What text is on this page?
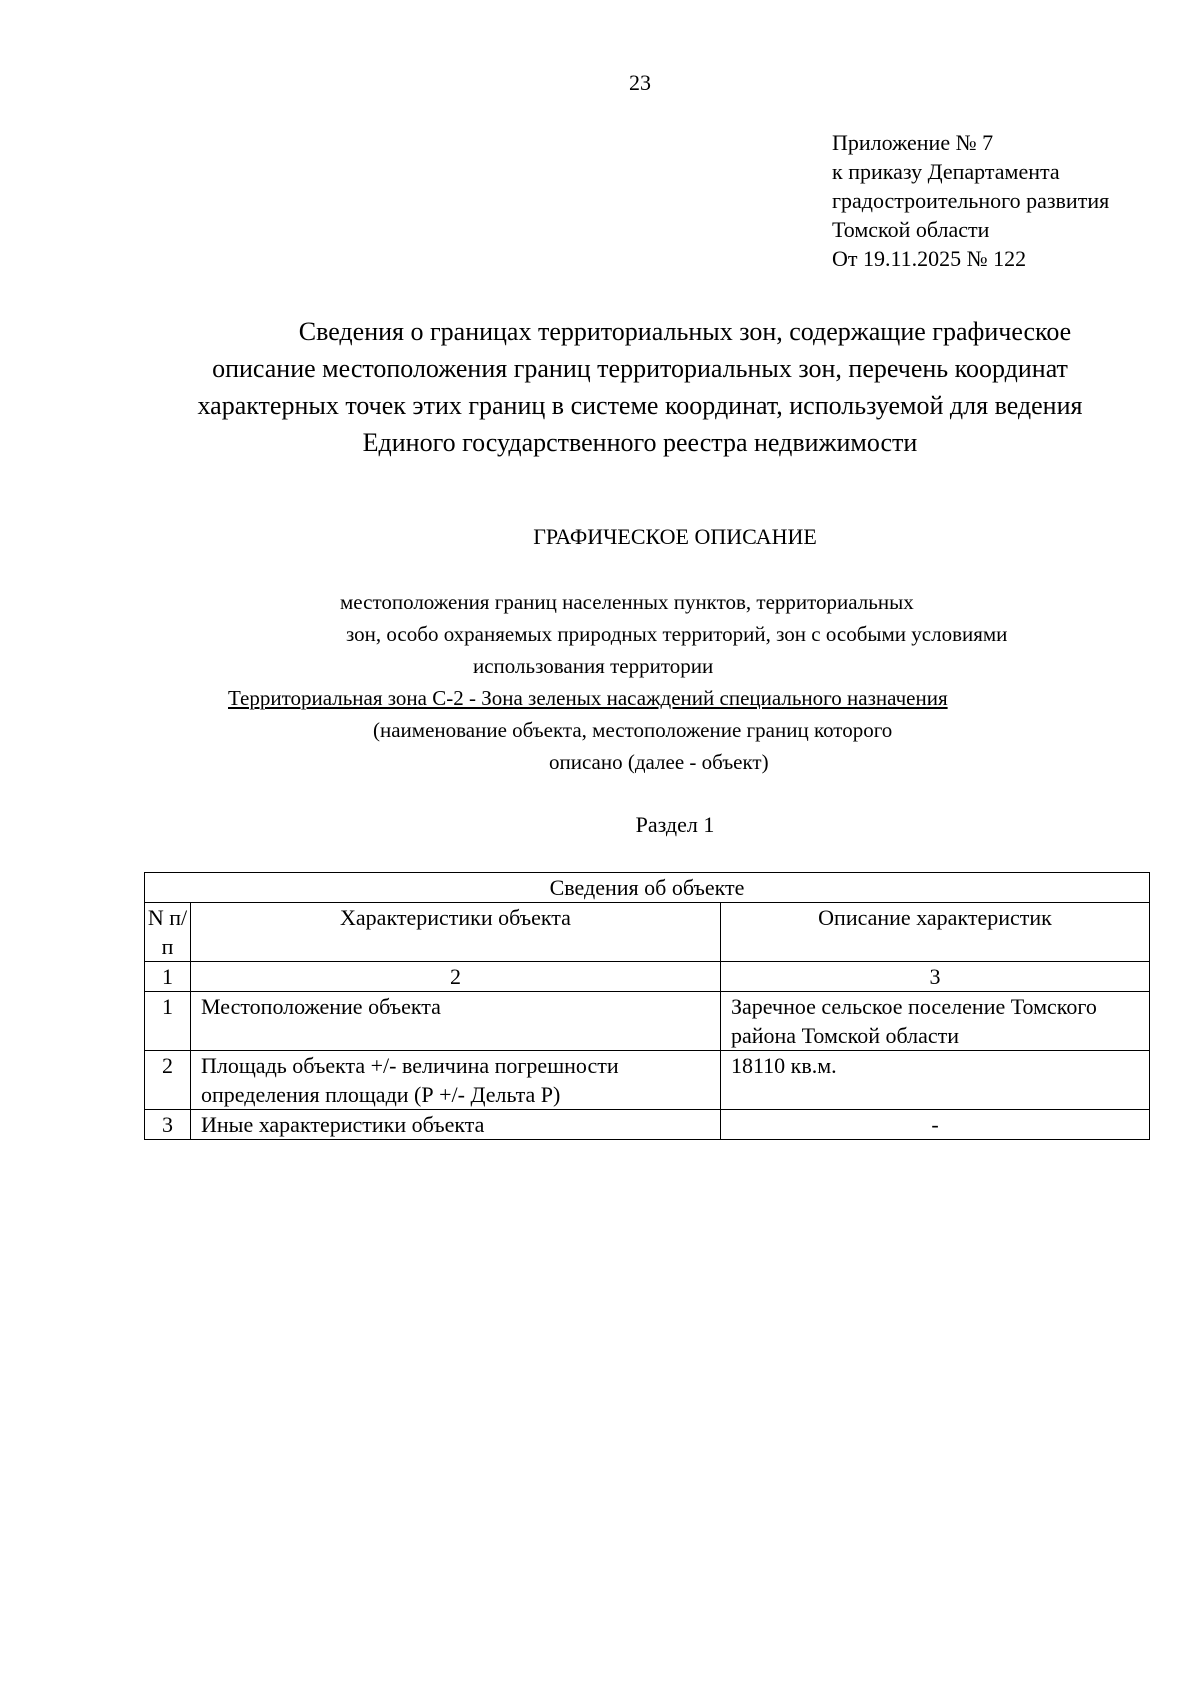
23
Приложение № 7
к приказу Департамента
градостроительного развития
Томской области
От 19.11.2025 № 122
Сведения о границах территориальных зон, содержащие графическое
описание местоположения границ территориальных зон, перечень координат
характерных точек этих границ в системе координат, используемой для ведения
Единого государственного реестра недвижимости
ГРАФИЧЕСКОЕ ОПИСАНИЕ
местоположения границ населенных пунктов, территориальных
зон, особо охраняемых природных территорий, зон с особыми условиями
использования территории
Территориальная зона С-2 - Зона зеленых насаждений специального назначения
(наименование объекта, местоположение границ которого
описано (далее - объект)
Раздел 1
Сведения об объекте		
N п/п	Характеристики объекта	Описание характеристик
1	2	3
1	Местоположение объекта	Заречное сельское поселение Томского района Томской области
2	Площадь объекта +/- величина погрешности определения площади (Р +/- Дельта Р)	18110 кв.м.
3	Иные характеристики объекта	-
